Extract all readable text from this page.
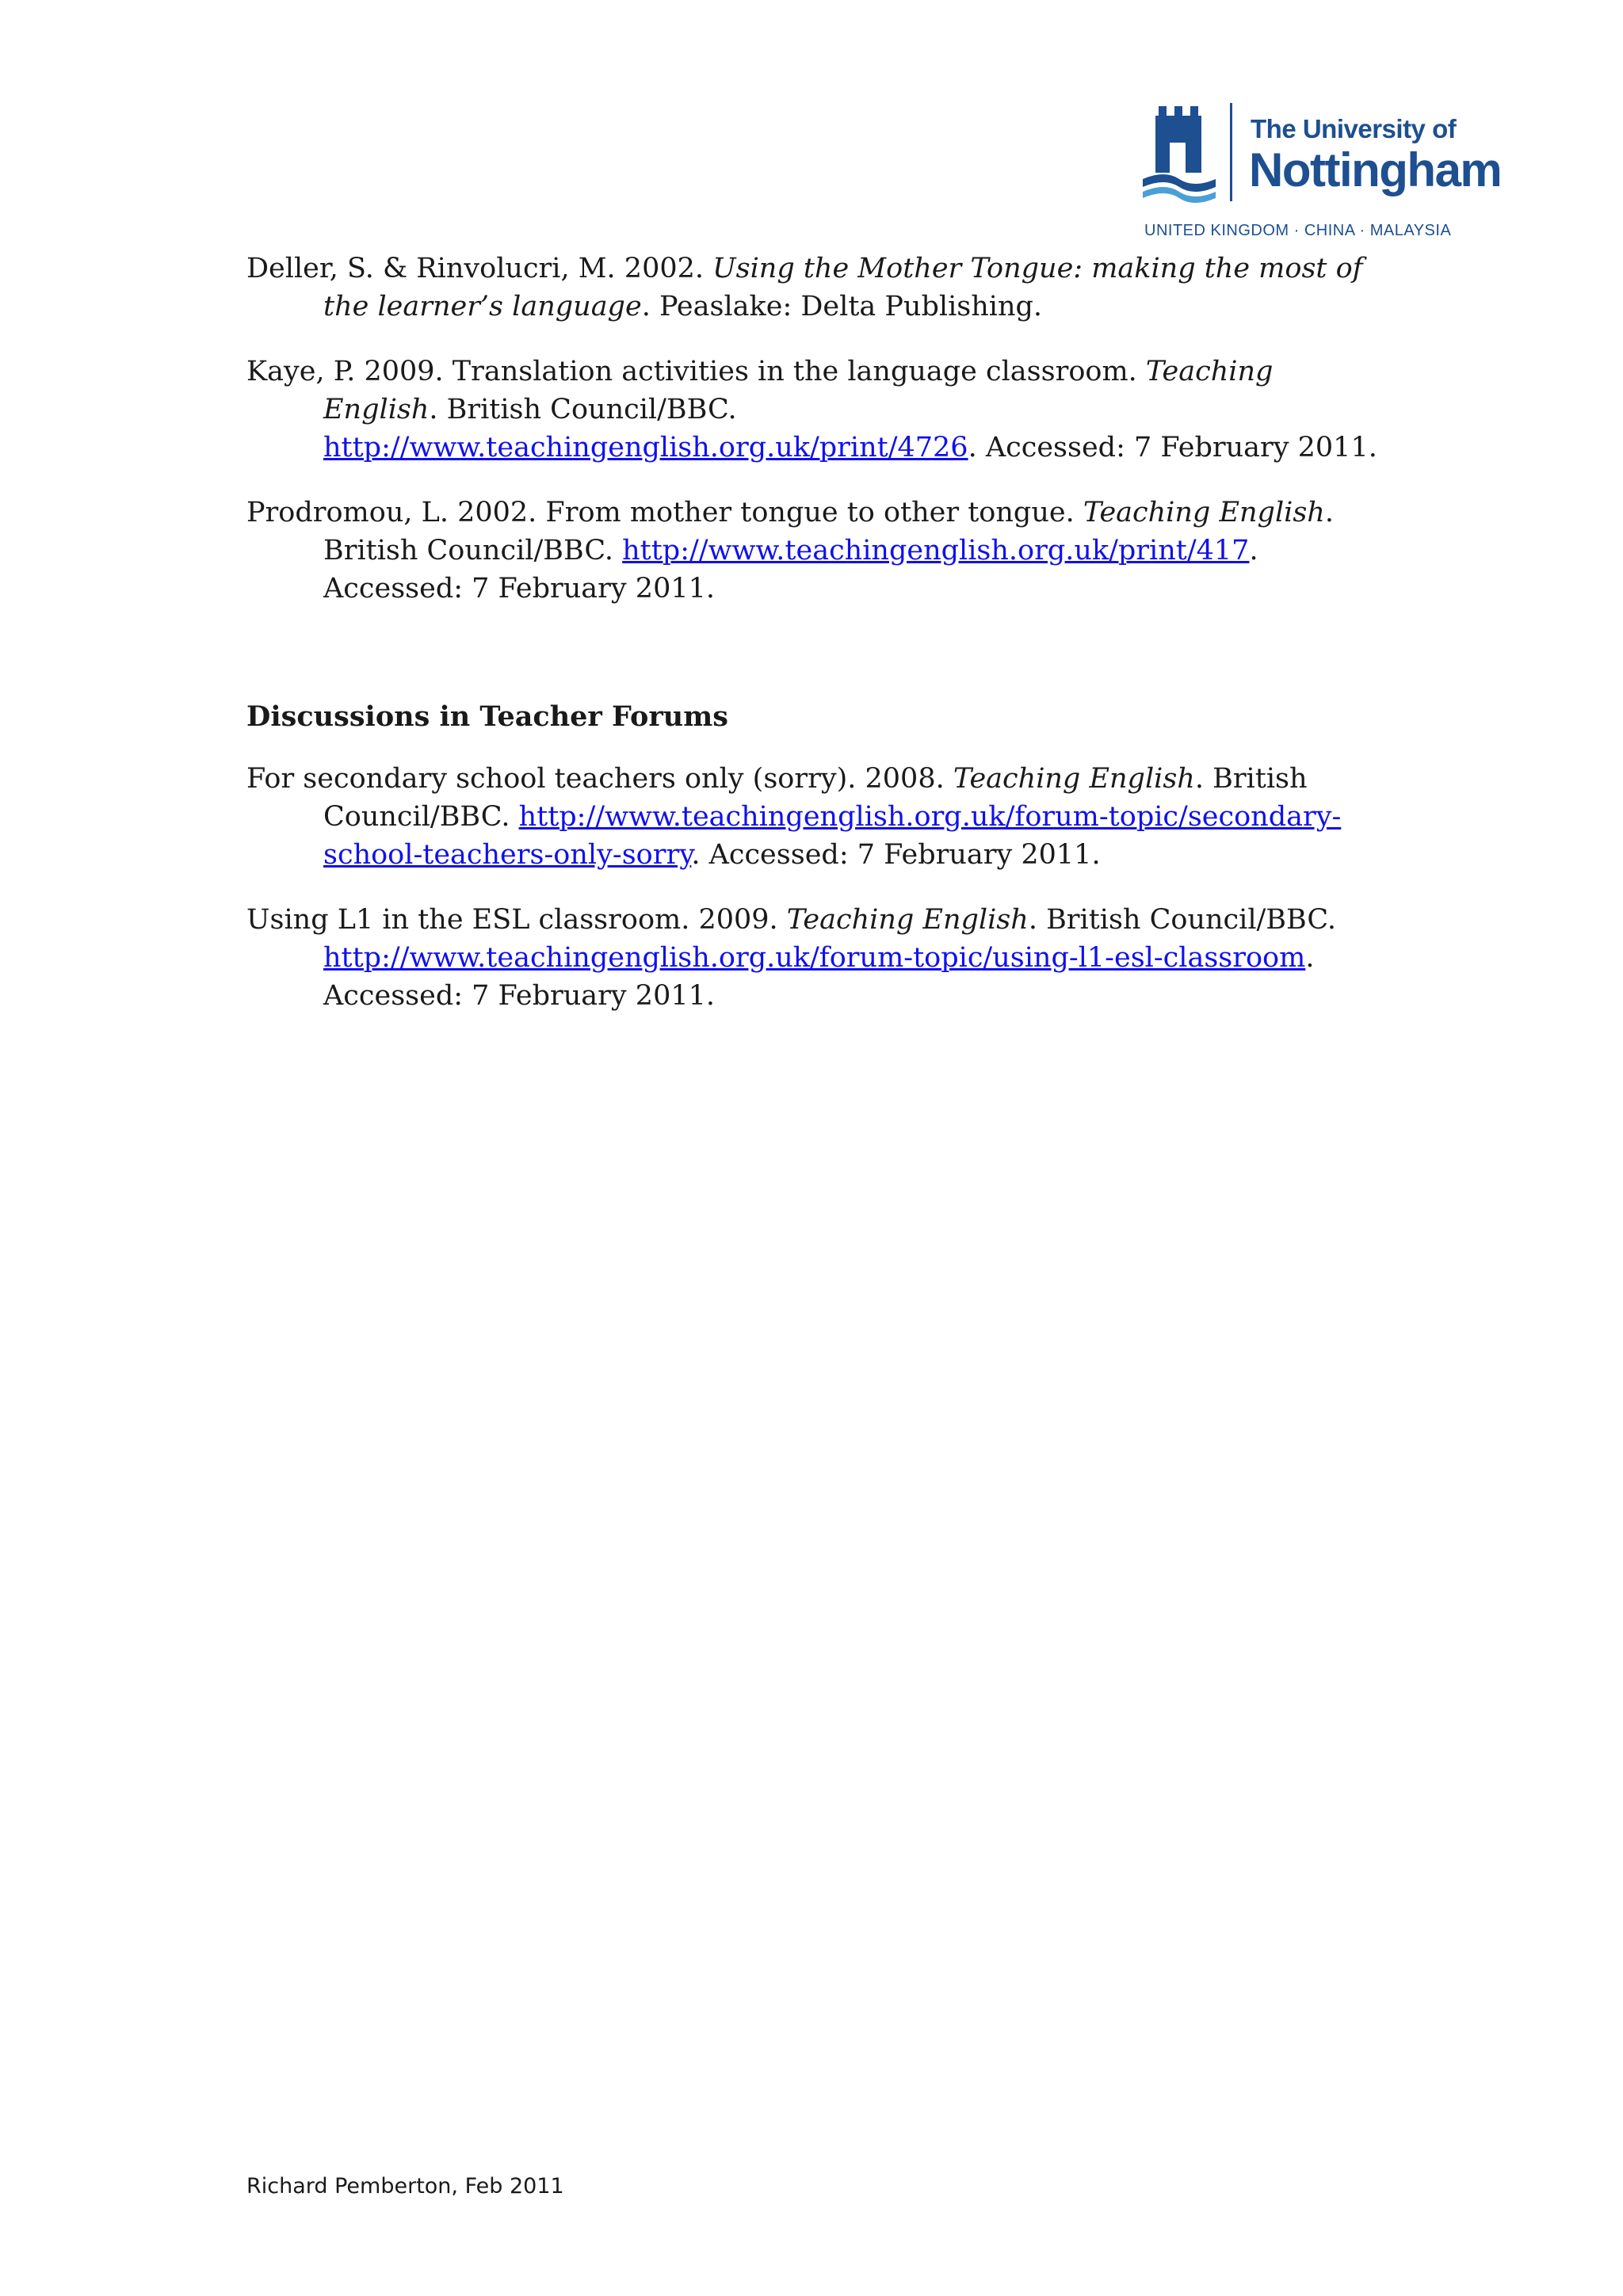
The University of
Nottingham
UNITED KINGDOM · CHINA · MALAYSIA

Deller, S. & Rinvolucri, M. 2002. Using the Mother Tongue: making the most of the learner’s language. Peaslake: Delta Publishing.

Kaye, P. 2009. Translation activities in the language classroom. Teaching English. British Council/BBC. http://www.teachingenglish.org.uk/print/4726. Accessed: 7 February 2011.

Prodromou, L. 2002. From mother tongue to other tongue. Teaching English. British Council/BBC. http://www.teachingenglish.org.uk/print/417. Accessed: 7 February 2011.

Discussions in Teacher Forums

For secondary school teachers only (sorry). 2008. Teaching English. British Council/BBC. http://www.teachingenglish.org.uk/forum-topic/secondary-school-teachers-only-sorry. Accessed: 7 February 2011.

Using L1 in the ESL classroom. 2009. Teaching English. British Council/BBC. http://www.teachingenglish.org.uk/forum-topic/using-l1-esl-classroom. Accessed: 7 February 2011.

Richard Pemberton, Feb 2011
